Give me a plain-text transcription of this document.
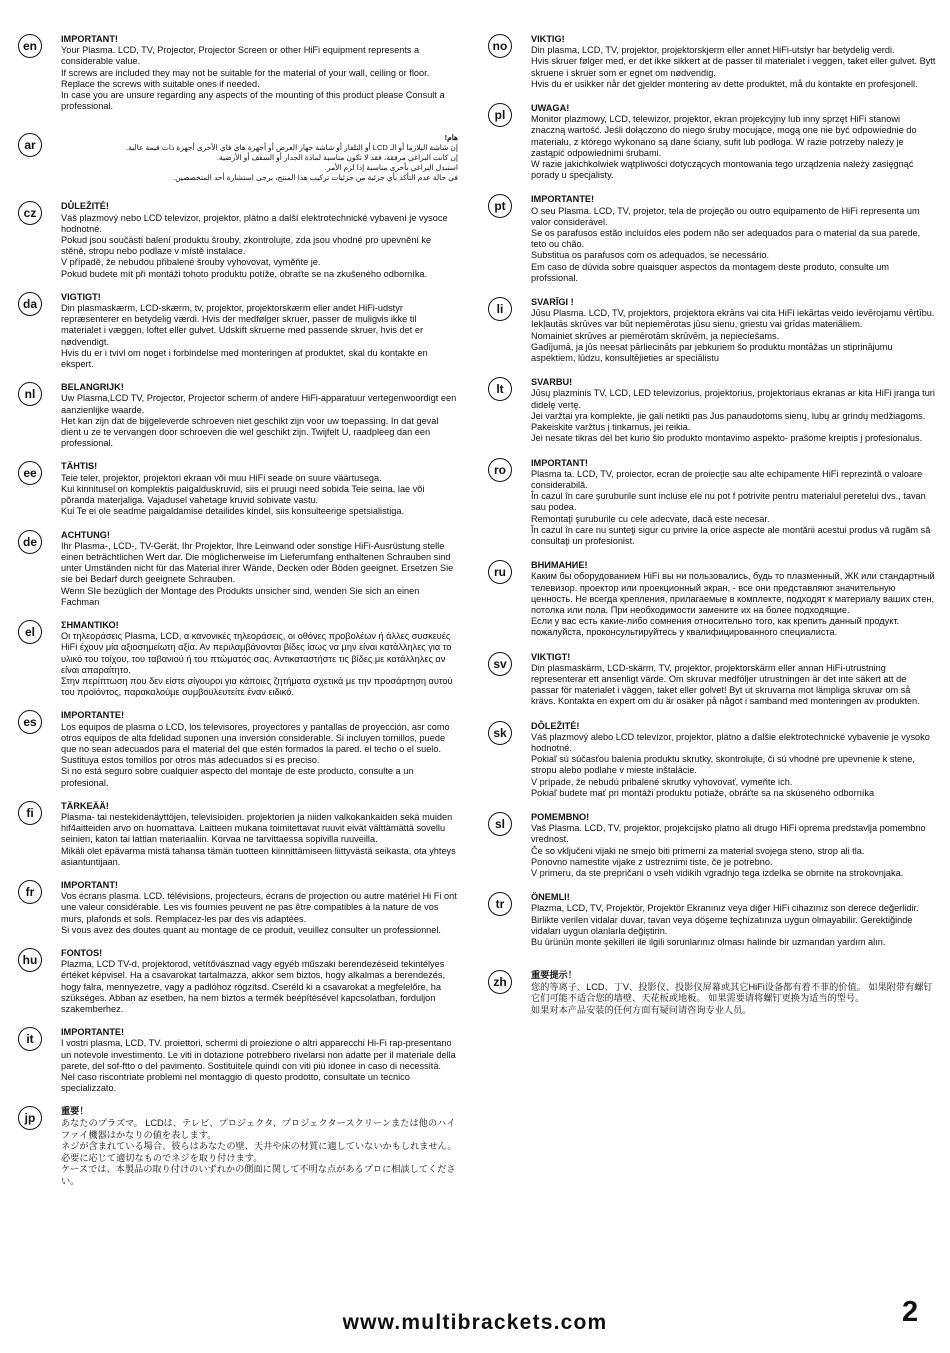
en	IMPORTANT!
Your Plasma. LCD, TV, Projector, Projector Screen or other HiFi equipment represents a considerable value.
If screws are included they may not be suitable for the material of your wall, ceiling or floor.
Replace the screws with suitable ones if needed.
In case you are unsure regarding any aspects of the mounting of this product please Consult a professional.
ar
هام!
إن شاشة البلازما أو الـ LCD أو التلفاز أو شاشة جهاز العرض أو أجهزة هاي فاي الأخرى أجهزة ذات قيمة عالية.
إن كانت البراغي مرفقة، فقد لا تكون مناسبة لمادة الجدار أو السقف أو الأرضية.
استبدل البراغي بأخرى مناسبة إذا لزم الأمر.
في حالة عدم التأكد بأي جزئية من جزئيات تركيب هذا المنتج، يرجى استشارة أحد المتخصصين.
cz	DŮLEŽITÉ!
Váš plazmový nebo LCD televizor, projektor, plátno a další elektrotechnické vybavení je vysoce hodnotné.
Pokud jsou součástí balení produktu šrouby, zkontrolujte, zda jsou vhodné pro upevnění ke stěně, stropu nebo podlaze v místě instalace.
V případě, že nebudou přibalené šrouby vyhovovat, vyměňte je.
Pokud budete mít při montáži tohoto produktu potíže, obraťte se na zkušeného odborníka.
da	VIGTIGT!
Din plasmaskærm, LCD-skærm, tv, projektor, projektorskærm eller andet HiFi-udstyr repræsenterer en betydelig værdi. Hvis der medfølger skruer, passer de muligvis ikke til materialet i væggen, loftet eller gulvet. Udskift skruerne med passende skruer, hvis det er nødvendigt.
Hvis du er i tvivl om noget i forbindelse med monteringen af produktet, skal du kontakte en ekspert.
nl	BELANGRIJK!
Uw Plasma,LCD TV, Projector, Projector scherm of andere HiFi-apparatuur vertegenwoordigt een aanzienlijke waarde.
Het kan zijn dat de bijgeleverde schroeven niet geschikt zijn voor uw toepassing. In dat geval dient u ze te vervangen door schroeven die wel geschikt zijn. Twijfelt U, raadpleeg dan een professional.
ee	TÄHTIS!
Teie teler, projektor, projektori ekraan või muu HiFi seade on suure väärtusega.
Kui kinnitusel on komplektis paigalduskruvid, siis ei pruugi need sobida Teie seina, lae või põranda materjaliga. Vajadusel vahetage kruvid sobivate vastu.
Kui Te ei ole seadme paigaldamise detailides kindel, siis konsulteerige spetsialistiga.
de	ACHTUNG!
Ihr Plasma-, LCD-, TV-Gerät, Ihr Projektor, Ihre Leinwand oder sonstige HiFi-Ausrüstung stelle einen beträchtlichen Wert dar. Die möglicherweise im Lieferumfang enthaltenen Schrauben sind unter Umständen nicht für das Material ihrer Wände, Decken oder Böden geeignet. Ersetzen Sie sie bei Bedarf durch geeignete Schrauben.
Wenn SIe bezüglich der Montage des Produkts unsicher sind, wenden Sie sich an einen Fachman
el	ΣΗΜΑΝΤΙΚΟ!
Οι τηλεοράσεις Plasma, LCD, α κανονικές τηλεοράσεις, οι οθόνες προβολέων ή άλλες συσκευές HiFi έχουν μία αξιοσημείωτη αξία. Αν περιλαμβάνονται βίδες ίσως να μην είναι κατάλληλες για το υλικό του τοίχου, του ταβανιού ή του πτώματός σας. Αντικαταστήστε τις βίδες με κατάλληλες αν είναι απαραίτητο.
Στην περίπτωση που δεν είστε σίγουροι για κάποιες ζητήματα σχετικά με την προσάρτηση αυτού του προϊόντος, παρακαλούμε συμβουλευτείτε έναν ειδικό.
es	IMPORTANTE!
Los equipos de plasma o LCD, los televisores, proyectores y pantallas de proyección, asr como otros equipos de alta fdelidad suponen una inversión considerable. Si incluyen tornillos, puede que no sean adecuados para el material del que estén formados la pared. el techo o el suelo. Sustituya estos tomillos por otros más adecuados si es preciso.
Si no está seguro sobre cualquier aspecto del montaje de este producto, consulte a un profesional.
fi	TÄRKEÄÄ!
Plasma- tai nestekidenäyttöjen, televisioiden. projektorien ja niiden valkokankaiden sekä muiden hif4aitteiden arvo on huomattava. Laitteen mukana toimitettavat ruuvit eivät välttämättä sovellu seinien, katon tai lattian materiaaliin. Korvaa ne tarvittaessa sopivilla ruuveilla.
Mikäli olet epävarma mistä tahansa tämän tuotteen kiinnittämiseen liittyvästä seikasta, ota yhteys asiantuntijaan.
fr	IMPORTANT!
Vos écrans plasma. LCD. télévisions, projecteurs, écrans de projection ou autre matériel Hi Fi ont une valeur considérable. Les vis fournies peuvent ne pas être compatibles à la nature de vos murs, plafonds et sols. Remplacez-les par des vis adaptées.
Si vous avez des doutes quant au montage de ce produit, veuillez consulter un professionnel.
hu	FONTOS!
Plazma, LCD TV-d, projektorod, vetítővásznad vagy egyéb műszaki berendezéseid tekintélyes értéket képvisel. Ha a csavarokat tartalmazza, akkor sem biztos, hogy alkalmas a berendezés, hogy falra, mennyezetre, vagy a padlóhoz rögzítsd. Cseréld ki a csavarokat a megfelelőre, ha szükséges. Abban az esetben, ha nem biztos a termék beépítésével kapcsolatban, forduljon szakemberhez.
it	IMPORTANTE!
I vostri plasma, LCD, TV. proiettori, schermi di proiezione o altri apparecchi Hi-Fi rap-presentano un notevole investimento. Le viti in dotazione potrebbero rivelarsi non adatte per il materiale della parete, del sof-ftto o del pavimento. Sostituitele quindi con viti più idonee in caso di necessità.
Nel caso riscontriate problemi nel montaggio di questo prodotto, consultate un tecnico specializzato.
jp	重要！
あなたのプラズマ。 LCDは、テレビ、プロジェクタ、プロジェクタースクリーンまたは他のハイファイ機器はかなりの値を表します。
ネジが含まれている場合、彼らはあなたの壁、天井や床の材質に適していないかもしれません。
必要に応じて適切なものでネジを取り付けます。
ケースでは、本製品の取り付けのいずれかの側面に関して不明な点があるプロに相談してください。
no	VIKTIG!
Din plasma, LCD, TV, projektor, projektorskjerm eller annet HiFi-utstyr har betydelig verdi.
Hvis skruer følger med, er det ikke sikkert at de passer til materialet i veggen, taket eller gulvet. Bytt skruene i skruer som er egnet om nødvendig.
Hvis du er usikker når det gjelder montering av dette produktet, må du kontakte en profesjonell.
pl	UWAGA!
Monitor plazmowy, LCD, telewizor, projektor, ekran projekcyjny lub inny sprzęt HiFi stanowi znaczną wartość. Jeśli dołączono do niego śruby mocujące, mogą one nie być odpowiednie do materiału, z którego wykonano są dane ściany, sufit lub podłoga. W razie potrzeby należy je zastąpić odpowiednimi śrubami.
W razie jakichkolwiek wątpliwości dotyczących montowania tego urządzenia należy zasięgnąć porady u specjalisty.
pt	IMPORTANTE!
O seu Plasma. LCD, TV, projetor, tela de projeção ou outro equipamento de HiFi representa um valor considerável.
Se os parafusos estão incluídos eles podem não ser adequados para o material da sua parede, teto ou chão.
Substitua os parafusos com os adequados, se necessário.
Em caso de dúvida sobre quaisquer aspectos da montagem deste produto, consulte um profssional.
li	SVARĪGI !
Jūsu Plasma. LCD, TV, projektors, projektora ekrāns vai cita HiFi iekārtas veido ievērojamu vērtību.
Iekļautās skrūves var būt nepiemērotas jūsu sienu, griestu vai grīdas materiāliem.
Nomainiet skrūves ar piemērotām skrūvēm, ja nepieciešams.
Gadījumā, ja jūs neesat pārliecināts par jebkuriem šo produktu montāžas un stiprinājumu aspektiem, lūdzu, konsultējieties ar speciālistu
lt	SVARBU!
Jūsų plazminis TV, LCD, LED televizorius, projektorius, projektoriaus ekranas ar kita HiFi įranga turi didelę vertę.
Jei varžtai yra komplekte, jie gali netikti pas Jus panaudotoms sienų, lubų ar grindų medžiagoms.
Pakeiskite varžtus į tinkamus, jei reikia.
Jei nesate tikras dėl bet kurio šio produkto montavimo aspekto- prašome kreiptis į profesionalus.
ro	IMPORTANT!
Plasma ta. LCD, TV, proiector, ecran de proiecţie sau alte echipamente HiFi reprezintă o valoare considerabilă.
În cazul în care şuruburile sunt incluse ele nu pot f potrivite pentru materialul peretelui dvs., tavan sau podea.
Remontaţi şuruburile cu cele adecvate, dacă este necesar.
În cazul în care nu sunteţi sigur cu privire la orice aspecte ale montării acestui produs vă rugăm să consultaţi un profesionist.
ru	ВНИМАНИЕ!
Каким бы оборудованием HiFi вы ни пользовались, будь то плазменный, ЖК или стандартный телевизор. проектор или проекционный экран, - все они представляют значительную ценность. Не всегда крепления, прилагаемые в комплекте, подходят к материалу ваших стен, потолка или пола. При необходимости замените их на более подходящие.
Если у вас есть какие-либо сомнения относительно того, как крепить данный продукт. пожалуйста, проконсультируйтесь у квалифицированного специалиста.
sv	VIKTIGT!
Din plasmaskärm, LCD-skärm, TV, projektor, projektorskärm eller annan HiFi-utrustning representerar ett ansenligt värde. Om skruvar medföljer utrustningen är det inte säkert att de passar för materialet i väggen, taket eller golvet! Byt ut skruvarna mot lämpliga skruvar om så krävs. Kontakta en expert om du är osäker på något i samband med monteringen av produkten.
sk	DÔLEŽITÉ!
Váš plazmový alebo LCD televízor, projektor, plátno a ďalšie elektrotechnické vybavenie je vysoko hodnotné.
Pokiaľ sú súčasťou balenia produktu skrutky, skontrolujte, či sú vhodné pre upevnenie k stene, stropu alebo podlahe v mieste inštalácie.
V prípade, že nebudú pribalené skrutky vyhovovať, vymeňte ich.
Pokiaľ budete mať pri montáži produktu potiaže, obráťte sa na skúseného odborníka
sl	POMEMBNO!
Vaš Plasma. LCD, TV, projektor, projekcijsko platno ali drugo HiFi oprema predstavlja pomembno vrednost.
Če so vključeni vijaki ne smejo biti primerni za material svojega steno, strop ali tla.
Ponovno namestite vijake z ustreznimi tiste, če je potrebno.
V primeru, da ste prepričani o vseh vidikih vgradnjo tega izdelka se obrnite na strokovnjaka.
tr	ÖNEMLI!
Plazma, LCD, TV, Projektör, Projektör Ekranınız veya diğer HiFi cihazınız son derece değerlidir. Birlikte verilen vidalar duvar, tavan veya döşeme teçhizatınıza uygun olmayabilir. Gerektiğinde vidaları uygun olanlarla değiştirin.
Bu ürünün monte şekilleri ile ilgili sorunlarınız olması halinde bir uzmandan yardım alın.
zh	重要提示！
您的等离子、LCD、丁V、投影仪、投影仪屏幕或其它HiFi设备都有着不菲的价值。 如果附带有螺钉它们可能不适合您的墙壁、天花板或地板。 如果需要请将螺钉更换为适当的型号。
如果对本产品安装的任何方面有疑问请咨询专业人员。
www.multibrackets.com	2
